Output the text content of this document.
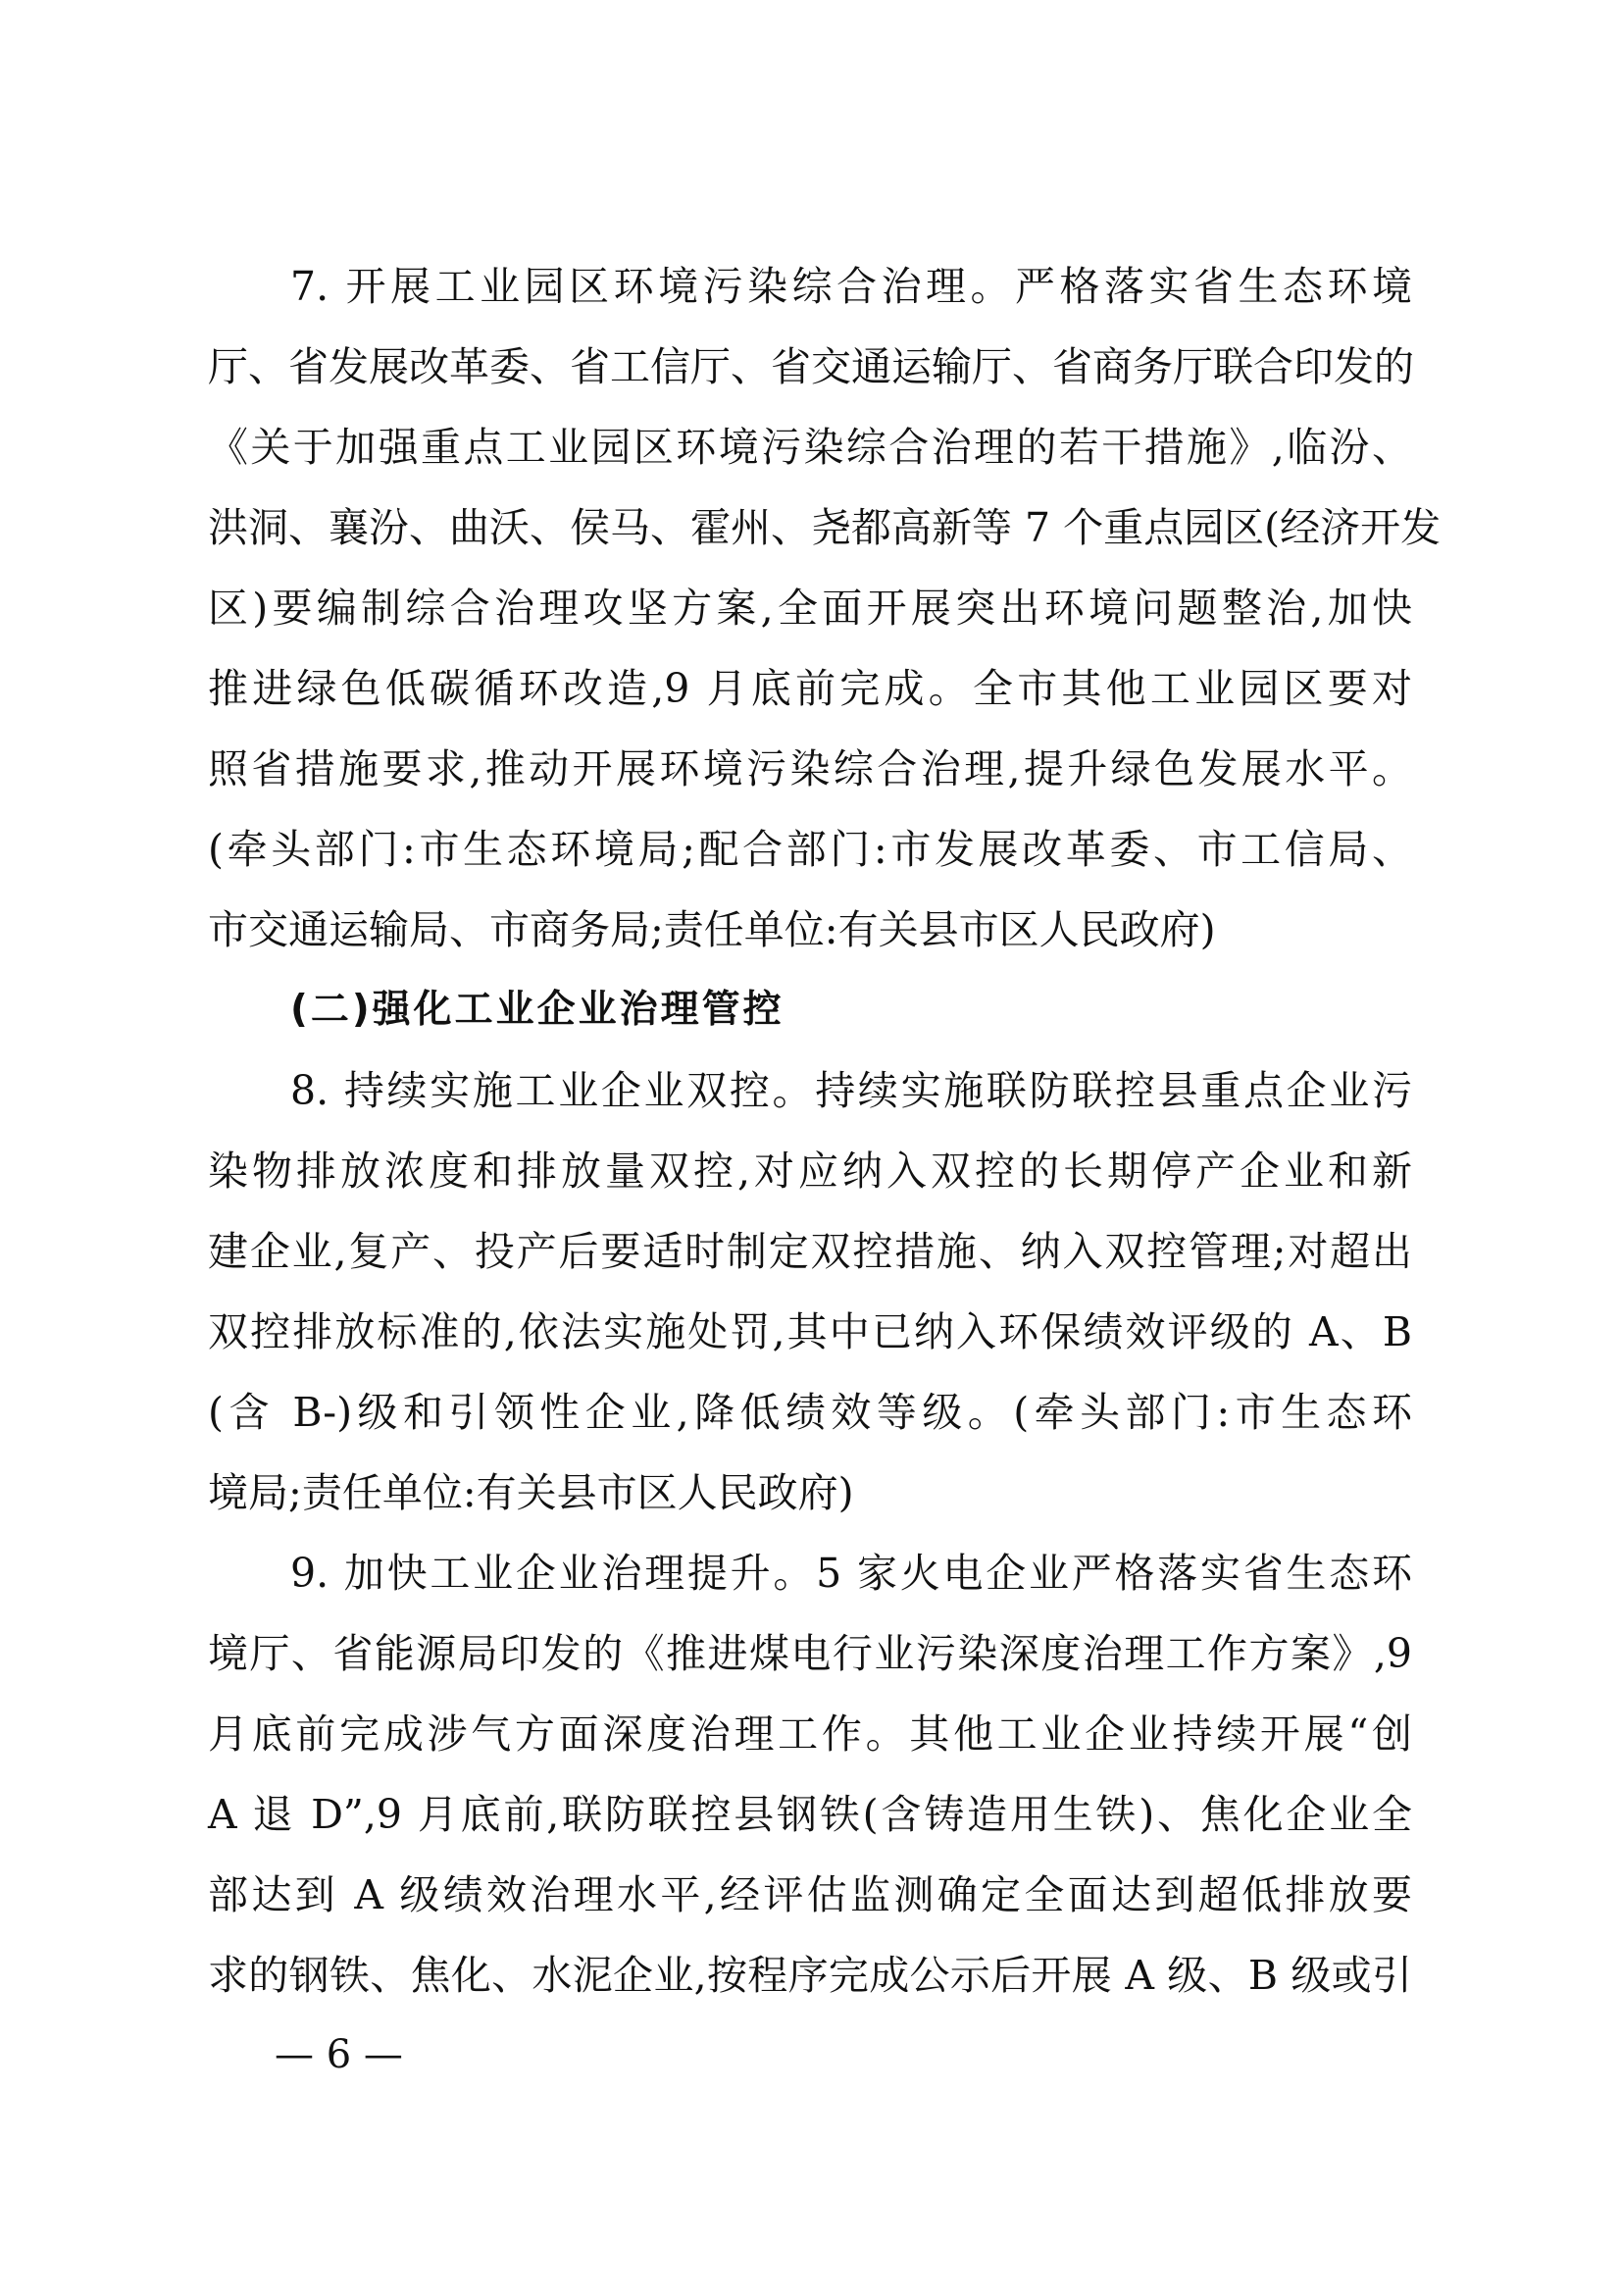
7. 开展工业园区环境污染综合治理。严格落实省生态环境
厅、省发展改革委、省工信厅、省交通运输厅、省商务厅联合印发的
《关于加强重点工业园区环境污染综合治理的若干措施》,临汾、
洪洞、襄汾、曲沃、侯马、霍州、尧都高新等 7 个重点园区(经济开发
区)要编制综合治理攻坚方案,全面开展突出环境问题整治,加快
推进绿色低碳循环改造,9 月底前完成。全市其他工业园区要对
照省措施要求,推动开展环境污染综合治理,提升绿色发展水平。
(牵头部门:市生态环境局;配合部门:市发展改革委、市工信局、
市交通运输局、市商务局;责任单位:有关县市区人民政府)
(二)强化工业企业治理管控
8. 持续实施工业企业双控。持续实施联防联控县重点企业污
染物排放浓度和排放量双控,对应纳入双控的长期停产企业和新
建企业,复产、投产后要适时制定双控措施、纳入双控管理;对超出
双控排放标准的,依法实施处罚,其中已纳入环保绩效评级的 A、B
(含 B-)级和引领性企业,降低绩效等级。(牵头部门:市生态环
境局;责任单位:有关县市区人民政府)
9. 加快工业企业治理提升。5 家火电企业严格落实省生态环
境厅、省能源局印发的《推进煤电行业污染深度治理工作方案》,9
月底前完成涉气方面深度治理工作。其他工业企业持续开展“创
A 退 D”,9 月底前,联防联控县钢铁(含铸造用生铁)、焦化企业全
部达到 A 级绩效治理水平,经评估监测确定全面达到超低排放要
求的钢铁、焦化、水泥企业,按程序完成公示后开展 A 级、B 级或引
— 6 —
